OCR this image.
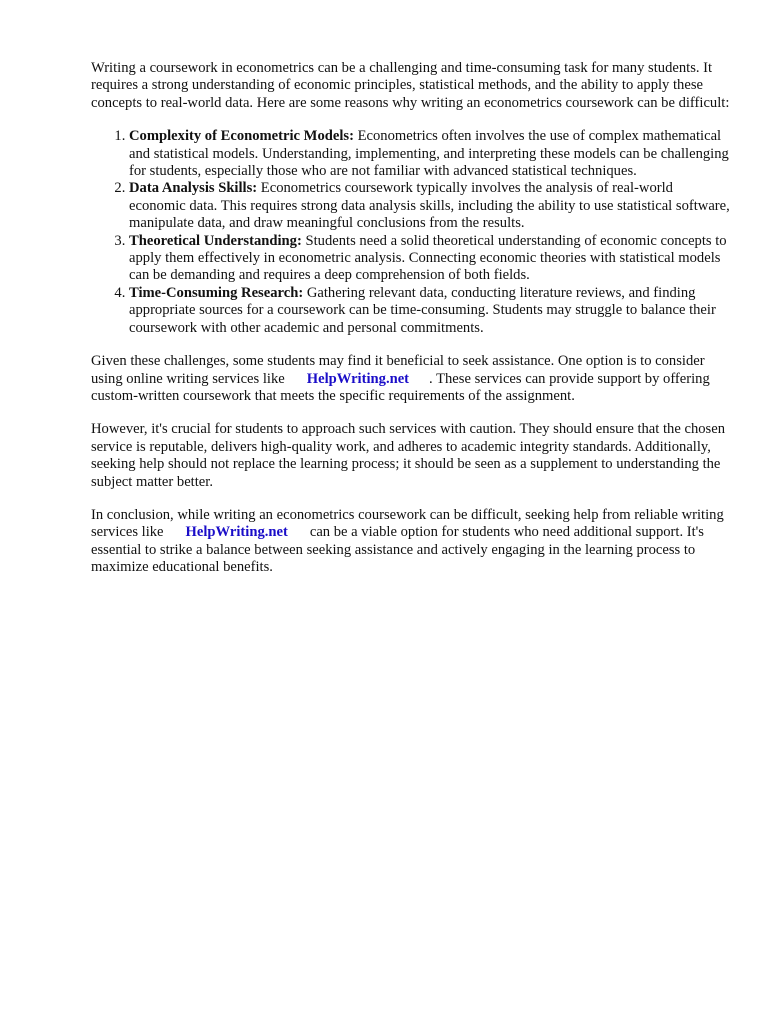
Writing a coursework in econometrics can be a challenging and time-consuming task for many students. It requires a strong understanding of economic principles, statistical methods, and the ability to apply these concepts to real-world data. Here are some reasons why writing an econometrics coursework can be difficult:

1. Complexity of Econometric Models: Econometrics often involves the use of complex mathematical and statistical models. Understanding, implementing, and interpreting these models can be challenging for students, especially those who are not familiar with advanced statistical techniques.
2. Data Analysis Skills: Econometrics coursework typically involves the analysis of real-world economic data. This requires strong data analysis skills, including the ability to use statistical software, manipulate data, and draw meaningful conclusions from the results.
3. Theoretical Understanding: Students need a solid theoretical understanding of economic concepts to apply them effectively in econometric analysis. Connecting economic theories with statistical models can be demanding and requires a deep comprehension of both fields.
4. Time-Consuming Research: Gathering relevant data, conducting literature reviews, and finding appropriate sources for a coursework can be time-consuming. Students may struggle to balance their coursework with other academic and personal commitments.

Given these challenges, some students may find it beneficial to seek assistance. One option is to consider using online writing services like HelpWriting.net . These services can provide support by offering custom-written coursework that meets the specific requirements of the assignment.

However, it's crucial for students to approach such services with caution. They should ensure that the chosen service is reputable, delivers high-quality work, and adheres to academic integrity standards. Additionally, seeking help should not replace the learning process; it should be seen as a supplement to understanding the subject matter better.

In conclusion, while writing an econometrics coursework can be difficult, seeking help from reliable writing services like HelpWriting.net can be a viable option for students who need additional support. It's essential to strike a balance between seeking assistance and actively engaging in the learning process to maximize educational benefits.
